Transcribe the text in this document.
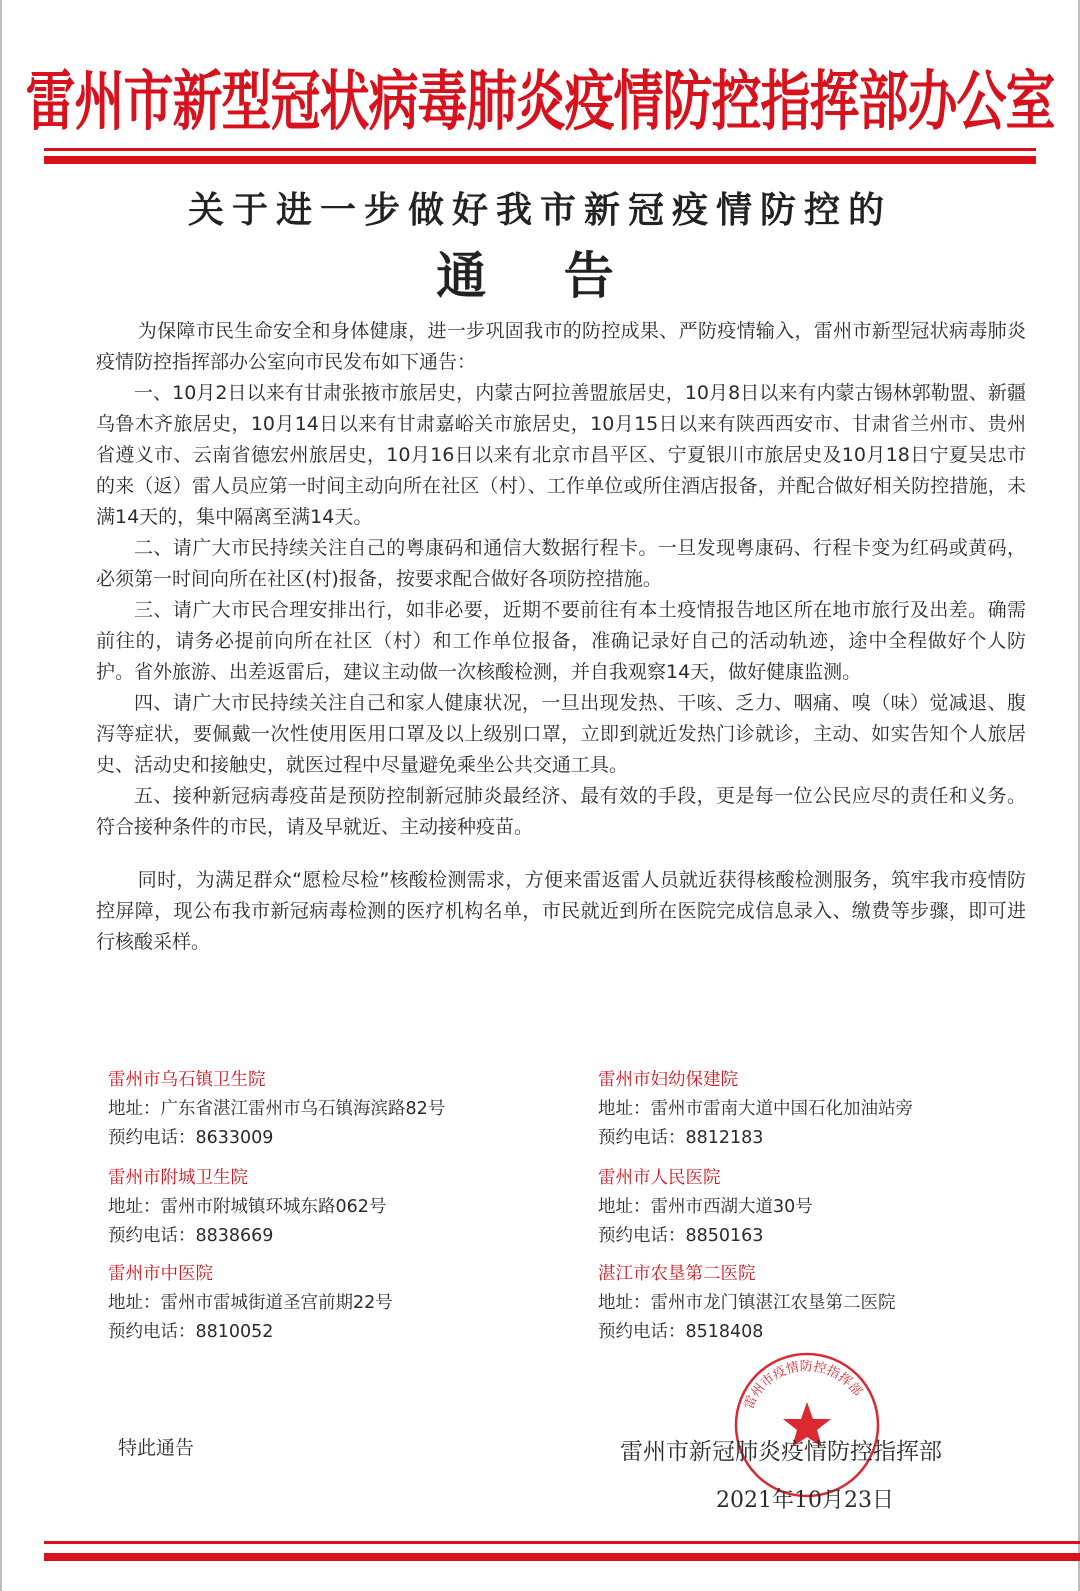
雷州市新型冠状病毒肺炎疫情防控指挥部办公室
关于进一步做好我市新冠疫情防控的
通 告

为保障市民生命安全和身体健康，进一步巩固我市的防控成果、严防疫情输入，雷州市新型冠状病毒肺炎疫情防控指挥部办公室向市民发布如下通告：

一、10月2日以来有甘肃张掖市旅居史，内蒙古阿拉善盟旅居史，10月8日以来有内蒙古锡林郭勒盟、新疆乌鲁木齐旅居史，10月14日以来有甘肃嘉峪关市旅居史，10月15日以来有陕西西安市、甘肃省兰州市、贵州省遵义市、云南省德宏州旅居史，10月16日以来有北京市昌平区、宁夏银川市旅居史及10月18日宁夏吴忠市的来（返）雷人员应第一时间主动向所在社区（村）、工作单位或所住酒店报备，并配合做好相关防控措施，未满14天的，集中隔离至满14天。

二、请广大市民持续关注自己的粤康码和通信大数据行程卡。一旦发现粤康码、行程卡变为红码或黄码，必须第一时间向所在社区(村)报备，按要求配合做好各项防控措施。

三、请广大市民合理安排出行，如非必要，近期不要前往有本土疫情报告地区所在地市旅行及出差。确需前往的，请务必提前向所在社区（村）和工作单位报备，准确记录好自己的活动轨迹，途中全程做好个人防护。省外旅游、出差返雷后，建议主动做一次核酸检测，并自我观察14天，做好健康监测。

四、请广大市民持续关注自己和家人健康状况，一旦出现发热、干咳、乏力、咽痛、嗅（味）觉减退、腹泻等症状，要佩戴一次性使用医用口罩及以上级别口罩，立即到就近发热门诊就诊，主动、如实告知个人旅居史、活动史和接触史，就医过程中尽量避免乘坐公共交通工具。

五、接种新冠病毒疫苗是预防控制新冠肺炎最经济、最有效的手段，更是每一位公民应尽的责任和义务。符合接种条件的市民，请及早就近、主动接种疫苗。

同时，为满足群众“愿检尽检”核酸检测需求，方便来雷返雷人员就近获得核酸检测服务，筑牢我市疫情防控屏障，现公布我市新冠病毒检测的医疗机构名单，市民就近到所在医院完成信息录入、缴费等步骤，即可进行核酸采样。

雷州市乌石镇卫生院
地址：广东省湛江雷州市乌石镇海滨路82号
预约电话：8633009
雷州市妇幼保建院
地址：雷州市雷南大道中国石化加油站旁
预约电话：8812183
雷州市附城卫生院
地址：雷州市附城镇环城东路062号
预约电话：8838669
雷州市人民医院
地址：雷州市西湖大道30号
预约电话：8850163
雷州市中医院
地址：雷州市雷城街道圣宫前期22号
预约电话：8810052
湛江市农垦第二医院
地址：雷州市龙门镇湛江农垦第二医院
预约电话：8518408
特此通告
雷州市疫情防控指挥部
雷州市新冠肺炎疫情防控指挥部
2021年10月23日
